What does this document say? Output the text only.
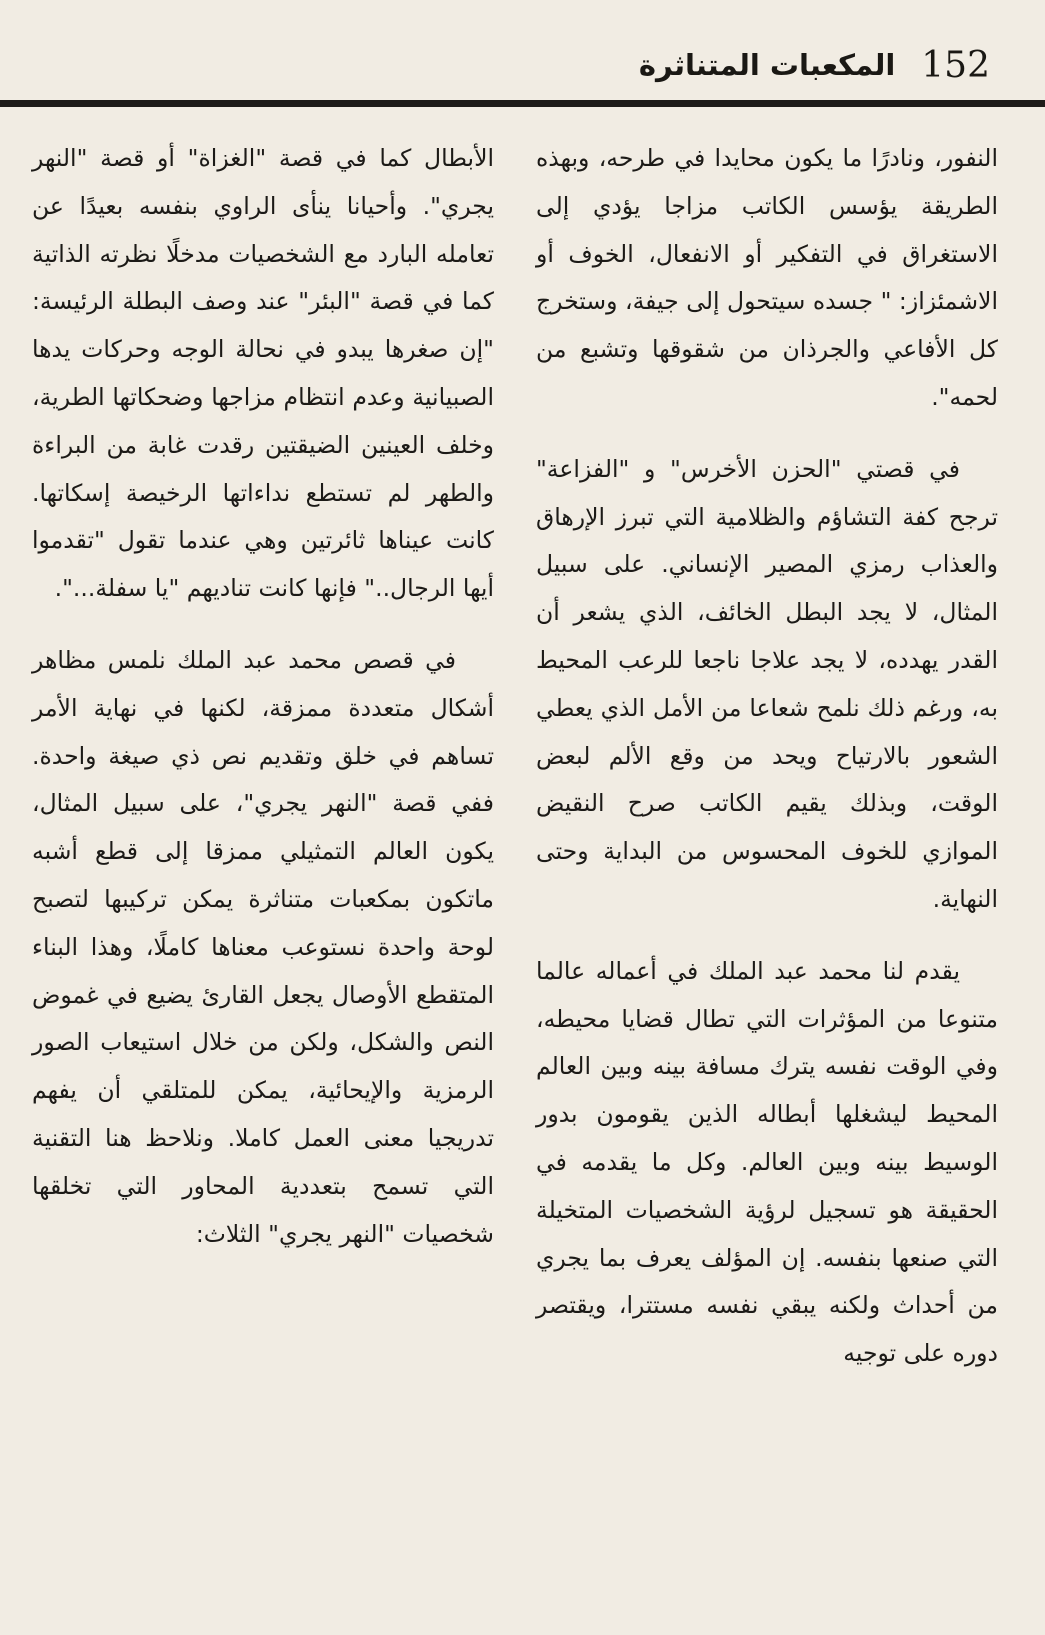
152
المكعبات المتناثرة

النفور، ونادرًا ما يكون محايدا في طرحه، وبهذه الطريقة يؤسس الكاتب مزاجا يؤدي إلى الاستغراق في التفكير أو الانفعال، الخوف أو الاشمئزاز: " جسده سيتحول إلى جيفة، وستخرج كل الأفاعي والجرذان من شقوقها وتشبع من لحمه".

في قصتي "الحزن الأخرس" و "الفزاعة" ترجح كفة التشاؤم والظلامية التي تبرز الإرهاق والعذاب رمزي المصير الإنساني. على سبيل المثال، لا يجد البطل الخائف، الذي يشعر أن القدر يهدده، لا يجد علاجا ناجعا للرعب المحيط به، ورغم ذلك نلمح شعاعا من الأمل الذي يعطي الشعور بالارتياح ويحد من وقع الألم لبعض الوقت، وبذلك يقيم الكاتب صرح النقيض الموازي للخوف المحسوس من البداية وحتى النهاية.

يقدم لنا محمد عبد الملك في أعماله عالما متنوعا من المؤثرات التي تطال قضايا محيطه، وفي الوقت نفسه يترك مسافة بينه وبين العالم المحيط ليشغلها أبطاله الذين يقومون بدور الوسيط بينه وبين العالم. وكل ما يقدمه في الحقيقة هو تسجيل لرؤية الشخصيات المتخيلة التي صنعها بنفسه. إن المؤلف يعرف بما يجري من أحداث ولكنه يبقي نفسه مستترا، ويقتصر دوره على توجيه

الأبطال كما في قصة "الغزاة" أو قصة "النهر يجري". وأحيانا ينأى الراوي بنفسه بعيدًا عن تعامله البارد مع الشخصيات مدخلًا نظرته الذاتية كما في قصة "البئر" عند وصف البطلة الرئيسة: "إن صغرها يبدو في نحالة الوجه وحركات يدها الصبيانية وعدم انتظام مزاجها وضحكاتها الطرية، وخلف العينين الضيقتين رقدت غابة من البراءة والطهر لم تستطع نداءاتها الرخيصة إسكاتها. كانت عيناها ثائرتين وهي عندما تقول "تقدموا أيها الرجال.." فإنها كانت تناديهم "يا سفلة...".

في قصص محمد عبد الملك نلمس مظاهر أشكال متعددة ممزقة، لكنها في نهاية الأمر تساهم في خلق وتقديم نص ذي صيغة واحدة. ففي قصة "النهر يجري"، على سبيل المثال، يكون العالم التمثيلي ممزقا إلى قطع أشبه ماتكون بمكعبات متناثرة يمكن تركيبها لتصبح لوحة واحدة نستوعب معناها كاملًا، وهذا البناء المتقطع الأوصال يجعل القارئ يضيع في غموض النص والشكل، ولكن من خلال استيعاب الصور الرمزية والإيحائية، يمكن للمتلقي أن يفهم تدريجيا معنى العمل كاملا. ونلاحظ هنا التقنية التي تسمح بتعددية المحاور التي تخلقها شخصيات "النهر يجري" الثلاث:
